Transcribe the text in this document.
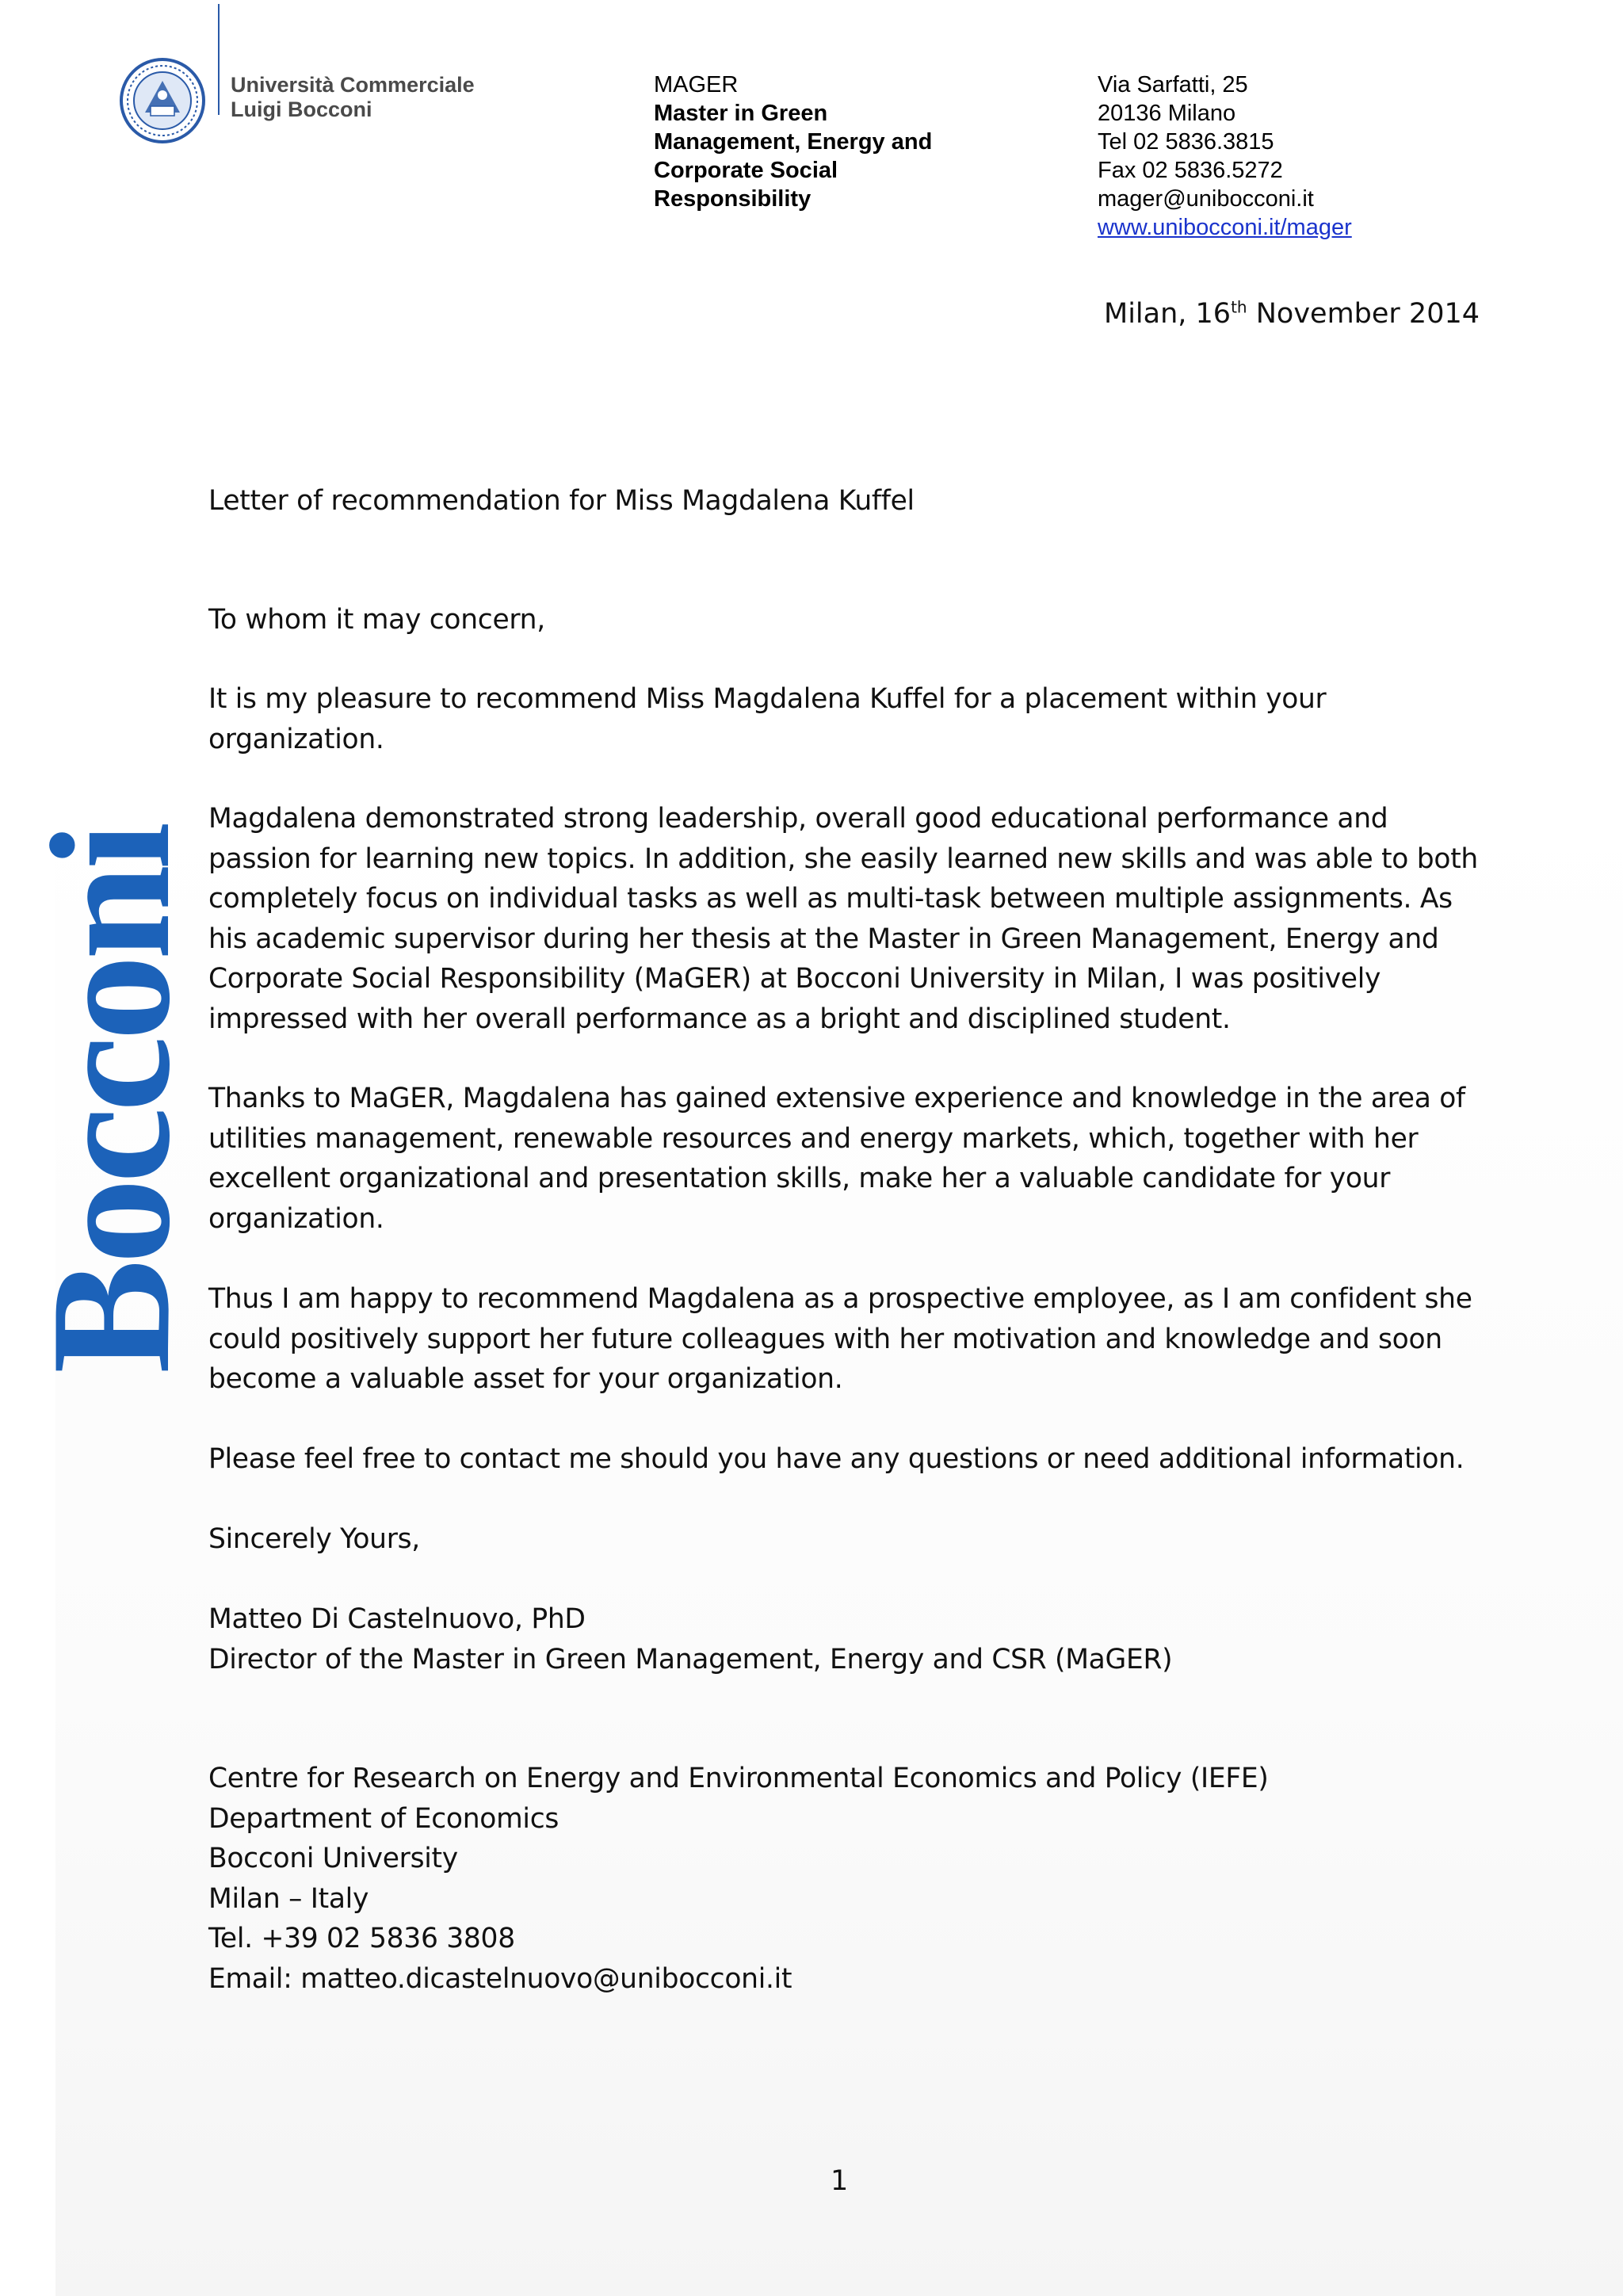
Università Commerciale
Luigi Bocconi
MAGER
Master in Green
Management, Energy and
Corporate Social
Responsibility
Via Sarfatti, 25
20136 Milano
Tel 02 5836.3815
Fax 02 5836.5272
mager@unibocconi.it
www.unibocconi.it/mager
Bocconi
Milan, 16th November 2014
Letter of recommendation for Miss Magdalena Kuffel
To whom it may concern,
It is my pleasure to recommend Miss Magdalena Kuffel for a placement within your organization.
Magdalena demonstrated strong leadership, overall good educational performance and passion for learning new topics. In addition, she easily learned new skills and was able to both completely focus on individual tasks as well as multi-task between multiple assignments. As his academic supervisor during her thesis at the Master in Green Management, Energy and Corporate Social Responsibility (MaGER) at Bocconi University in Milan, I was positively impressed with her overall performance as a bright and disciplined student.
Thanks to MaGER, Magdalena has gained extensive experience and knowledge in the area of utilities management, renewable resources and energy markets, which, together with her excellent organizational and presentation skills, make her a valuable candidate for your organization.
Thus I am happy to recommend Magdalena as a prospective employee, as I am confident she could positively support her future colleagues with her motivation and knowledge and soon become a valuable asset for your organization.
Please feel free to contact me should you have any questions or need additional information.
Sincerely Yours,

Matteo Di Castelnuovo, PhD

Director of the Master in Green Management, Energy and CSR (MaGER)

Centre for Research on Energy and Environmental Economics and Policy (IEFE)

Department of Economics

Bocconi University

Milan – Italy

Tel. +39 02 5836 3808

Email: matteo.dicastelnuovo@unibocconi.it

1
